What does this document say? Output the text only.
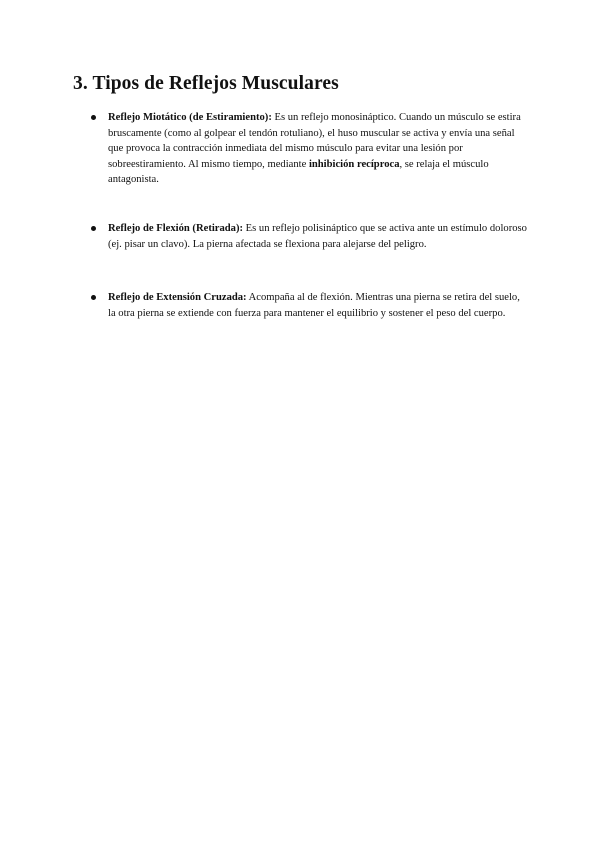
3. Tipos de Reflejos Musculares

Reflejo Miotático (de Estiramiento): Es un reflejo monosináptico. Cuando un músculo se estira bruscamente (como al golpear el tendón rotuliano), el huso muscular se activa y envía una señal que provoca la contracción inmediata del mismo músculo para evitar una lesión por sobreestiramiento. Al mismo tiempo, mediante inhibición recíproca, se relaja el músculo antagonista.

Reflejo de Flexión (Retirada): Es un reflejo polisináptico que se activa ante un estímulo doloroso (ej. pisar un clavo). La pierna afectada se flexiona para alejarse del peligro.

Reflejo de Extensión Cruzada: Acompaña al de flexión. Mientras una pierna se retira del suelo, la otra pierna se extiende con fuerza para mantener el equilibrio y sostener el peso del cuerpo.
